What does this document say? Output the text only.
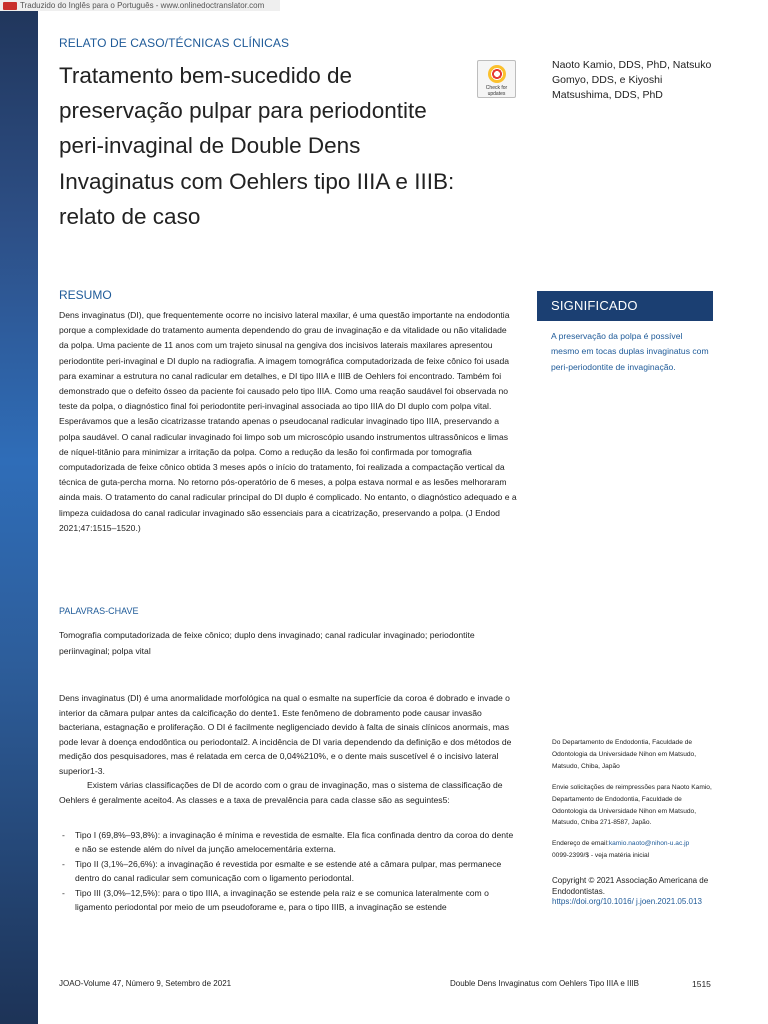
Traduzido do Inglês para o Português - www.onlinedoctranslator.com
RELATO DE CASO/TÉCNICAS CLÍNICAS
Tratamento bem-sucedido de preservação pulpar para periodontite peri-invaginal de Double Dens Invaginatus com Oehlers tipo IIIA e IIIB: relato de caso
Check for updates
Naoto Kamio, DDS, PhD, Natsuko Gomyo, DDS, e Kiyoshi Matsushima, DDS, PhD
RESUMO

Dens invaginatus (DI), que frequentemente ocorre no incisivo lateral maxilar, é uma questão importante na endodontia porque a complexidade do tratamento aumenta dependendo do grau de invaginação e da vitalidade ou não vitalidade da polpa. Uma paciente de 11 anos com um trajeto sinusal na gengiva dos incisivos laterais maxilares apresentou periodontite peri-invaginal e DI duplo na radiografia. A imagem tomográfica computadorizada de feixe cônico foi usada para examinar a estrutura no canal radicular em detalhes, e DI tipo IIIA e IIIB de Oehlers foi encontrado. Também foi demonstrado que o defeito ósseo da paciente foi causado pelo tipo IIIA. Como uma reação saudável foi observada no teste da polpa, o diagnóstico final foi periodontite peri-invaginal associada ao tipo IIIA do DI duplo com polpa vital. Esperávamos que a lesão cicatrizasse tratando apenas o pseudocanal radicular invaginado tipo IIIA, preservando a polpa saudável. O canal radicular invaginado foi limpo sob um microscópio usando instrumentos ultrassônicos e limas de níquel-titânio para minimizar a irritação da polpa. Como a redução da lesão foi confirmada por tomografia computadorizada de feixe cônico obtida 3 meses após o início do tratamento, foi realizada a compactação vertical da técnica de guta-percha morna. No retorno pós-operatório de 6 meses, a polpa estava normal e as lesões melhoraram ainda mais. O tratamento do canal radicular principal do DI duplo é complicado. No entanto, o diagnóstico adequado e a limpeza cuidadosa do canal radicular invaginado são essenciais para a cicatrização, preservando a polpa. (J Endod 2021;47:1515–1520.)

SIGNIFICADO

A preservação da polpa é possível mesmo em tocas duplas invaginatus com peri-periodontite de invaginação.

PALAVRAS-CHAVE

Tomografia computadorizada de feixe cônico; duplo dens invaginado; canal radicular invaginado; periodontite periinvaginal; polpa vital

Dens invaginatus (DI) é uma anormalidade morfológica na qual o esmalte na superfície da coroa é dobrado e invade o interior da câmara pulpar antes da calcificação do dente1. Este fenômeno de dobramento pode causar invasão bacteriana, estagnação e proliferação. O DI é facilmente negligenciado devido à falta de sinais clínicos anormais, mas pode levar à doença endodôntica ou periodontal2. A incidência de DI varia dependendo da definição e dos métodos de medição dos pesquisadores, mas é relatada em cerca de 0,04%210%, e o dente mais suscetível é o incisivo lateral superior1-3.

Existem várias classificações de DI de acordo com o grau de invaginação, mas o sistema de classificação de Oehlers é geralmente aceito4. As classes e a taxa de prevalência para cada classe são as seguintes5:

- Tipo I (69,8%–93,8%): a invaginação é mínima e revestida de esmalte. Ela fica confinada dentro da coroa do dente e não se estende além do nível da junção amelocementária externa.
- Tipo II (3,1%–26,6%): a invaginação é revestida por esmalte e se estende até a câmara pulpar, mas permanece dentro do canal radicular sem comunicação com o ligamento periodontal.
- Tipo III (3,0%–12,5%): para o tipo IIIA, a invaginação se estende pela raiz e se comunica lateralmente com o ligamento periodontal por meio de um pseudoforame e, para o tipo IIIB, a invaginação se estende

Do Departamento de Endodontia, Faculdade de Odontologia da Universidade Nihon em Matsudo, Matsudo, Chiba, Japão

Envie solicitações de reimpressões para Naoto Kamio, Departamento de Endodontia, Faculdade de Odontologia da Universidade Nihon em Matsudo, Matsudo, Chiba 271-8587, Japão.

Endereço de email:kamio.naoto@nihon-u.ac.jp

0099-2399/$ - veja matéria inicial

Copyright © 2021 Associação Americana de Endodontistas.
https://doi.org/10.1016/ j.joen.2021.05.013
JOAO-Volume 47, Número 9, Setembro de 2021	Double Dens Invaginatus com Oehlers Tipo IIIA e IIIB	1515
